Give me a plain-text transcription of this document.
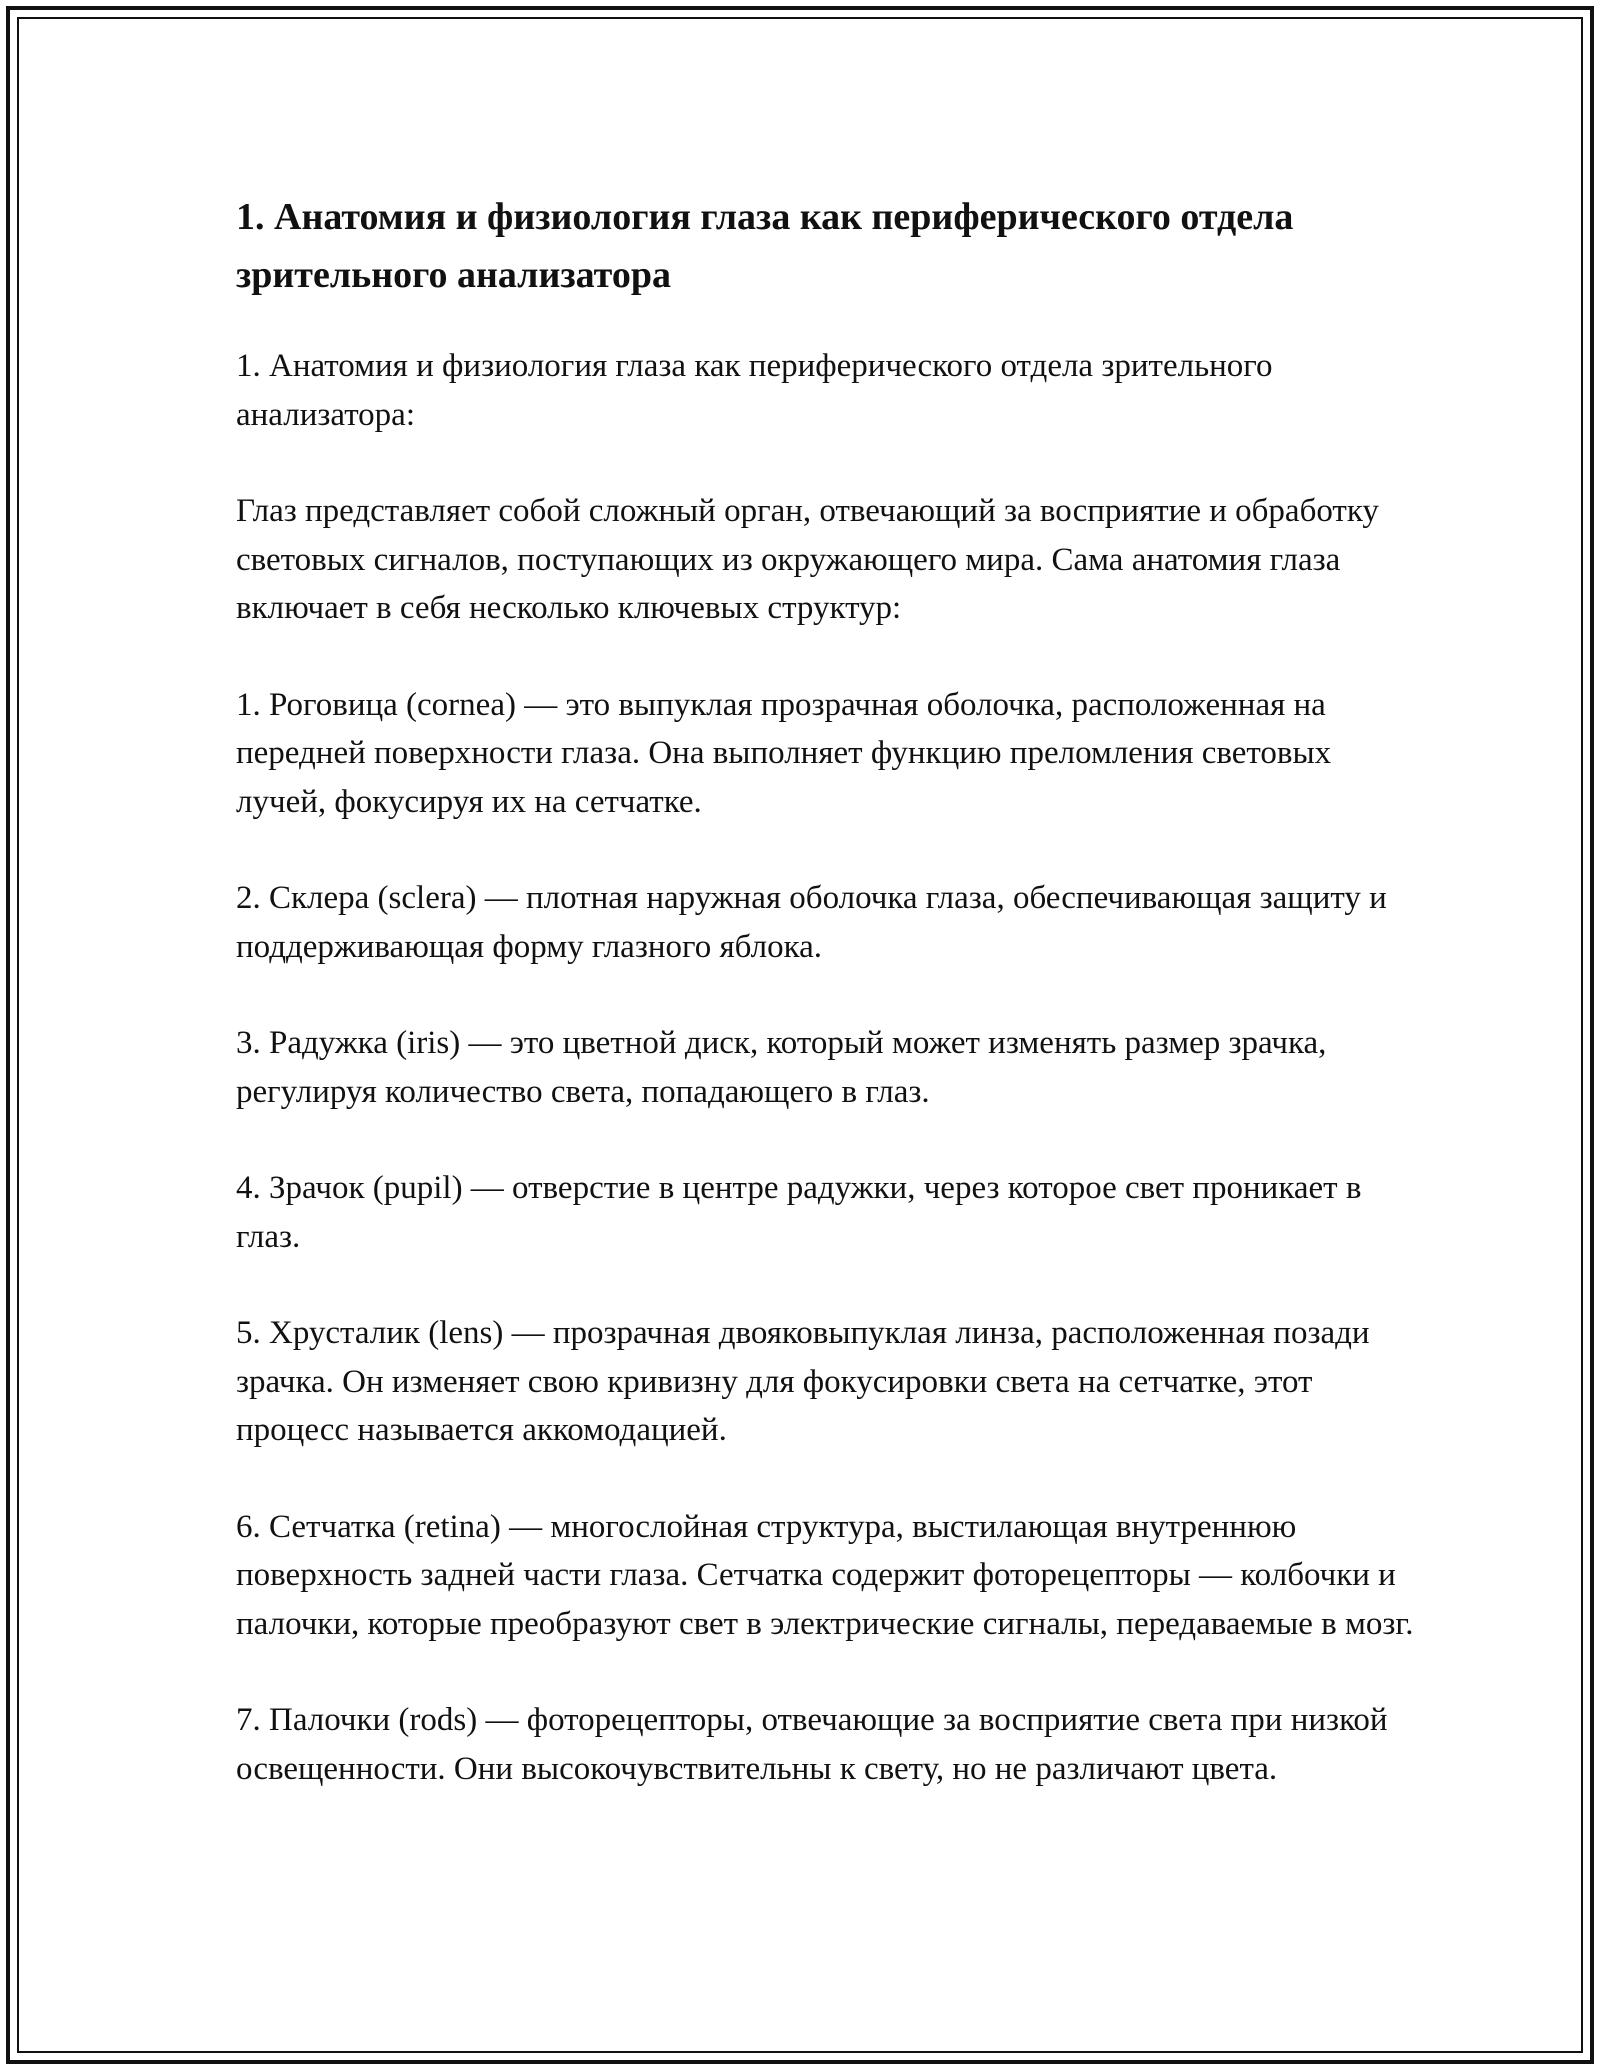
1. Анатомия и физиология глаза как периферического отдела зрительного анализатора

1. Анатомия и физиология глаза как периферического отдела зрительного анализатора:

Глаз представляет собой сложный орган, отвечающий за восприятие и обработку световых сигналов, поступающих из окружающего мира. Сама анатомия глаза включает в себя несколько ключевых структур:

1. Роговица (cornea) — это выпуклая прозрачная оболочка, расположенная на передней поверхности глаза. Она выполняет функцию преломления световых лучей, фокусируя их на сетчатке.

2. Склера (sclera) — плотная наружная оболочка глаза, обеспечивающая защиту и поддерживающая форму глазного яблока.

3. Радужка (iris) — это цветной диск, который может изменять размер зрачка, регулируя количество света, попадающего в глаз.

4. Зрачок (pupil) — отверстие в центре радужки, через которое свет проникает в глаз.

5. Хрусталик (lens) — прозрачная двояковыпуклая линза, расположенная позади зрачка. Он изменяет свою кривизну для фокусировки света на сетчатке, этот процесс называется аккомодацией.

6. Сетчатка (retina) — многослойная структура, выстилающая внутреннюю поверхность задней части глаза. Сетчатка содержит фоторецепторы — колбочки и палочки, которые преобразуют свет в электрические сигналы, передаваемые в мозг.

7. Палочки (rods) — фоторецепторы, отвечающие за восприятие света при низкой освещенности. Они высокочувствительны к свету, но не различают цвета.
